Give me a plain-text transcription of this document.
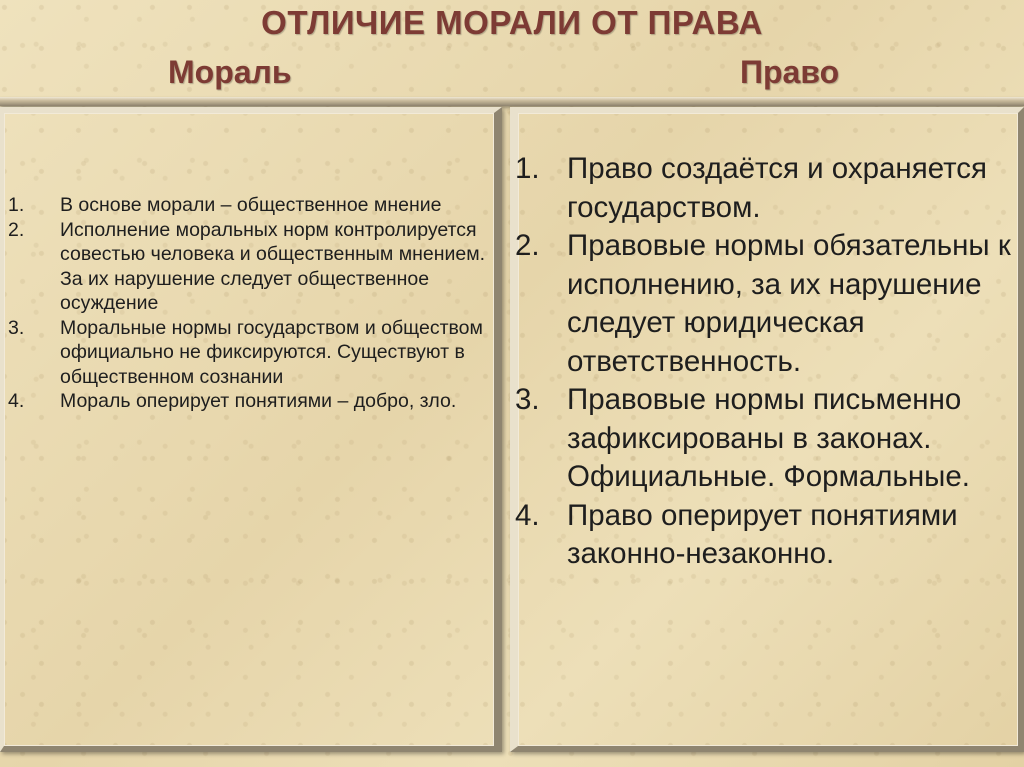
ОТЛИЧИЕ МОРАЛИ ОТ ПРАВА
Мораль	Право
1.	В основе морали – общественное мнение
2.	Исполнение моральных норм контролируется совестью человека и общественным мнением. За их нарушение следует общественное осуждение
3.	Моральные нормы государством и обществом официально не фиксируются. Существуют в общественном сознании
4.	Мораль оперирует понятиями – добро, зло.
1. Право создаётся и охраняется государством.
2. Правовые нормы обязательны к исполнению, за их нарушение следует юридическая ответственность.
3. Правовые нормы письменно зафиксированы в законах. Официальные. Формальные.
4. Право оперирует понятиями законно-незаконно.
